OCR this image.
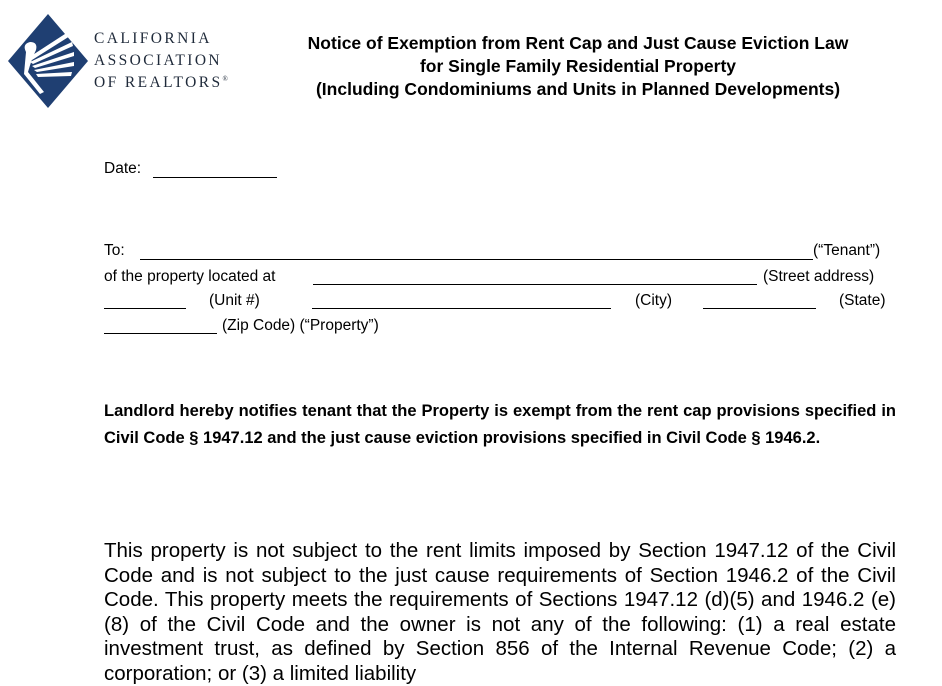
CALIFORNIA
ASSOCIATION
OF REALTORS®
Notice of Exemption from Rent Cap and Just Cause Eviction Law
for Single Family Residential Property
(Including Condominiums and Units in Planned Developments)
Date:
To:	(“Tenant”)
of the property located at	(Street address)
(Unit #)	(City)	(State)
(Zip Code) (“Property”)
Landlord hereby notifies tenant that the Property is exempt from the rent cap provisions specified in Civil Code § 1947.12 and the just cause eviction provisions specified in Civil Code § 1946.2.
This property is not subject to the rent limits imposed by Section 1947.12 of the Civil Code and is not subject to the just cause requirements of Section 1946.2 of the Civil Code. This property meets the requirements of Sections 1947.12 (d)(5) and 1946.2 (e)(8) of the Civil Code and the owner is not any of the following: (1) a real estate investment trust, as defined by Section 856 of the Internal Revenue Code; (2) a corporation; or (3) a limited liability
